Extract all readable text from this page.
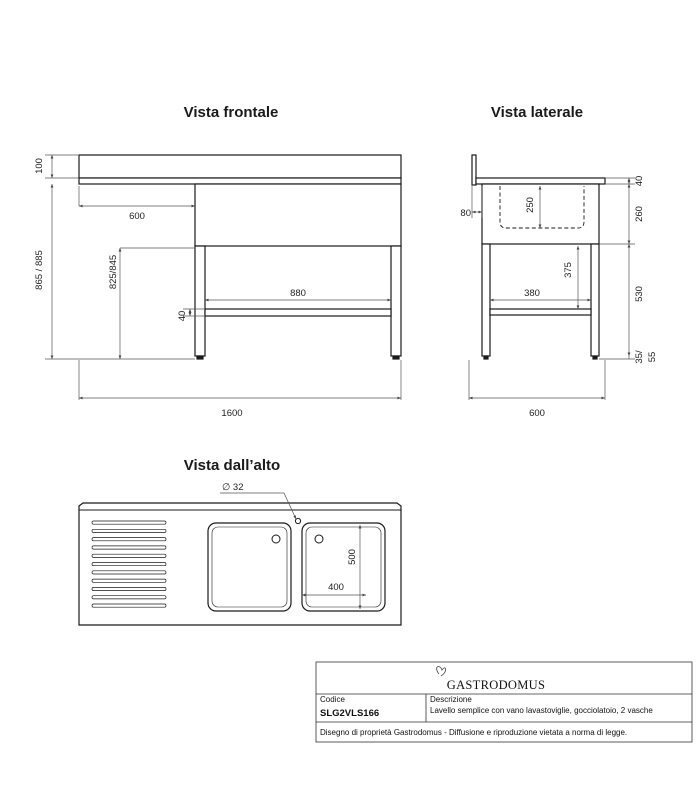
Vista frontale	Vista laterale
Vista dall’alto
100
865 / 885	825/845
600
880
40
1600
40
260
530
35/ 55
250
375
380
80
600
∅ 32
400
500
GASTRODOMUS
Codice
SLG2VLS166
Descrizione
Lavello semplice con vano lavastoviglie, gocciolatoio, 2 vasche
Disegno di proprietà Gastrodomus - Diffusione e riproduzione vietata a norma di legge.
